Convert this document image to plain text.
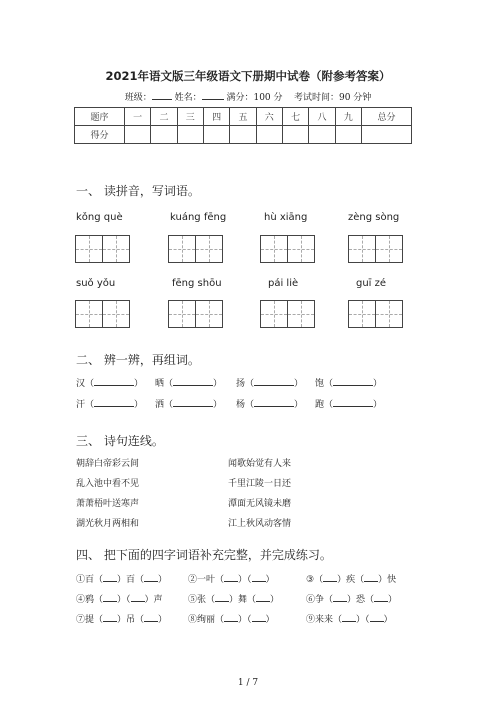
2021年语文版三年级语文下册期中试卷（附参考答案）
班级：	姓名：	满分：100 分 考试时间：90 分钟
题序	一	二	三	四	五	六	七	八	九	总分
得分										
一、 读拼音，写词语。
kǒng què	kuáng fēng	hù xiāng	zèng sòng
suǒ yǒu	fēng shōu	pái liè	guī zé
二、 辨一辨，再组词。
汉（	） 晒（	） 扬（	） 饱（	）
汗（	） 洒（	） 杨（	） 跑（	）
三、 诗句连线。
朝辞白帝彩云间
乱入池中看不见
萧萧梧叶送寒声
湖光秋月两相和
闻歌始觉有人来
千里江陵一日还
潭面无风镜未磨
江上秋风动客情
四、 把下面的四字词语补充完整，并完成练习。
①百（ ）百（ ） ②一叶（ ）（ ）	③（ ）疾（ ）快
④鸦（ ）（ ）声	⑤张（ ）舞（ ）	⑥争（ ）恐（ ）
⑦提（ ）吊（ ） ⑧绚丽（ ）（ ）	⑨来来（ ）（ ）
1 / 7
